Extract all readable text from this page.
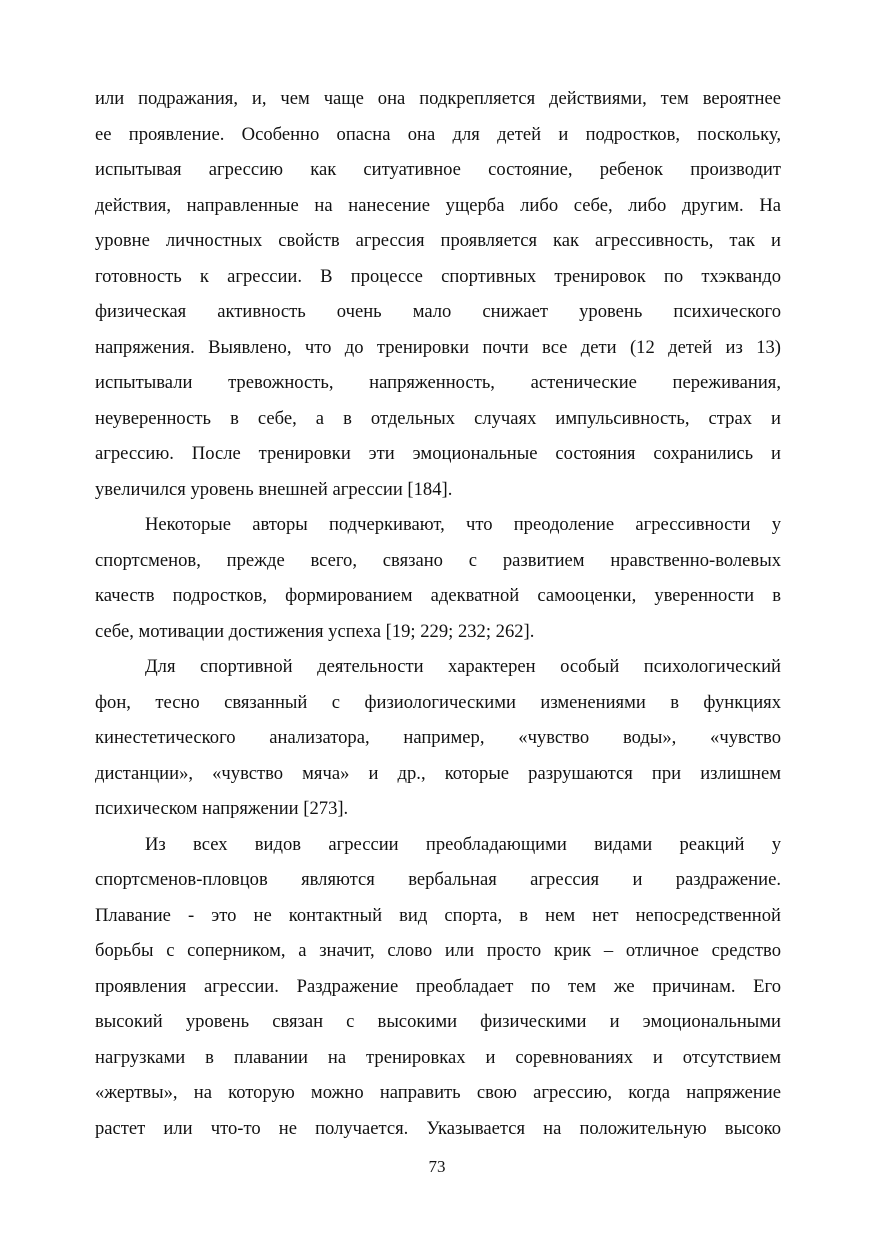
или подражания, и, чем чаще она подкрепляется действиями, тем вероятнее
ее проявление. Особенно опасна она для детей и подростков, поскольку,
испытывая агрессию как ситуативное состояние, ребенок производит
действия, направленные на нанесение ущерба либо себе, либо другим. На
уровне личностных свойств агрессия проявляется как агрессивность, так и
готовность к агрессии. В процессе спортивных тренировок по тхэквандо
физическая активность очень мало снижает уровень психического
напряжения. Выявлено, что до тренировки почти все дети (12 детей из 13)
испытывали тревожность, напряженность, астенические переживания,
неуверенность в себе, а в отдельных случаях импульсивность, страх и
агрессию. После тренировки эти эмоциональные состояния сохранились и
увеличился уровень внешней агрессии [184].
Некоторые авторы подчеркивают, что преодоление агрессивности у
спортсменов, прежде всего, связано с развитием нравственно-волевых
качеств подростков, формированием адекватной самооценки, уверенности в
себе, мотивации достижения успеха [19; 229; 232; 262].
Для спортивной деятельности характерен особый психологический
фон, тесно связанный с физиологическими изменениями в функциях
кинестетического анализатора, например, «чувство воды», «чувство
дистанции», «чувство мяча» и др., которые разрушаются при излишнем
психическом напряжении [273].
Из всех видов агрессии преобладающими видами реакций у
спортсменов-пловцов являются вербальная агрессия и раздражение.
Плавание - это не контактный вид спорта, в нем нет непосредственной
борьбы с соперником, а значит, слово или просто крик – отличное средство
проявления агрессии. Раздражение преобладает по тем же причинам. Его
высокий уровень связан с высокими физическими и эмоциональными
нагрузками в плавании на тренировках и соревнованиях и отсутствием
«жертвы», на которую можно направить свою агрессию, когда напряжение
растет или что-то не получается. Указывается на положительную высоко
73
